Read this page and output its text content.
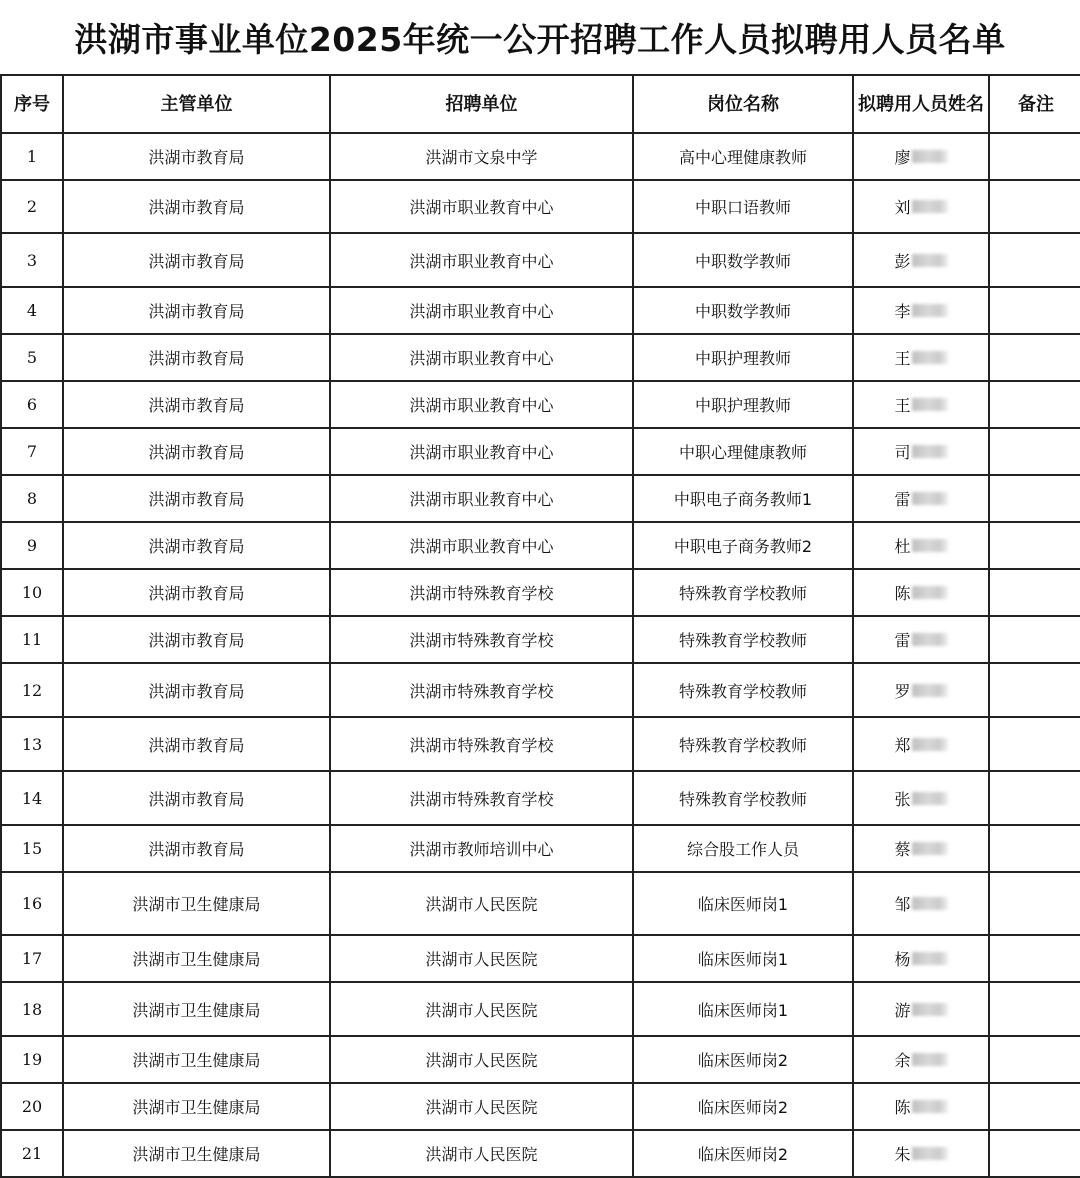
洪湖市事业单位2025年统一公开招聘工作人员拟聘用人员名单
序号	主管单位	招聘单位	岗位名称	拟聘用人员姓名	备注
1	洪湖市教育局	洪湖市文泉中学	高中心理健康教师	廖	

2	洪湖市教育局	洪湖市职业教育中心	中职口语教师	刘	

3	洪湖市教育局	洪湖市职业教育中心	中职数学教师	彭	

4	洪湖市教育局	洪湖市职业教育中心	中职数学教师	李	

5	洪湖市教育局	洪湖市职业教育中心	中职护理教师	王	

6	洪湖市教育局	洪湖市职业教育中心	中职护理教师	王	

7	洪湖市教育局	洪湖市职业教育中心	中职心理健康教师	司	

8	洪湖市教育局	洪湖市职业教育中心	中职电子商务教师1	雷	

9	洪湖市教育局	洪湖市职业教育中心	中职电子商务教师2	杜	

10	洪湖市教育局	洪湖市特殊教育学校	特殊教育学校教师	陈	

11	洪湖市教育局	洪湖市特殊教育学校	特殊教育学校教师	雷	

12	洪湖市教育局	洪湖市特殊教育学校	特殊教育学校教师	罗	

13	洪湖市教育局	洪湖市特殊教育学校	特殊教育学校教师	郑	

14	洪湖市教育局	洪湖市特殊教育学校	特殊教育学校教师	张	

15	洪湖市教育局	洪湖市教师培训中心	综合股工作人员	蔡	

16	洪湖市卫生健康局	洪湖市人民医院	临床医师岗1	邹	

17	洪湖市卫生健康局	洪湖市人民医院	临床医师岗1	杨	

18	洪湖市卫生健康局	洪湖市人民医院	临床医师岗1	游	

19	洪湖市卫生健康局	洪湖市人民医院	临床医师岗2	余	

20	洪湖市卫生健康局	洪湖市人民医院	临床医师岗2	陈	

21	洪湖市卫生健康局	洪湖市人民医院	临床医师岗2	朱	
